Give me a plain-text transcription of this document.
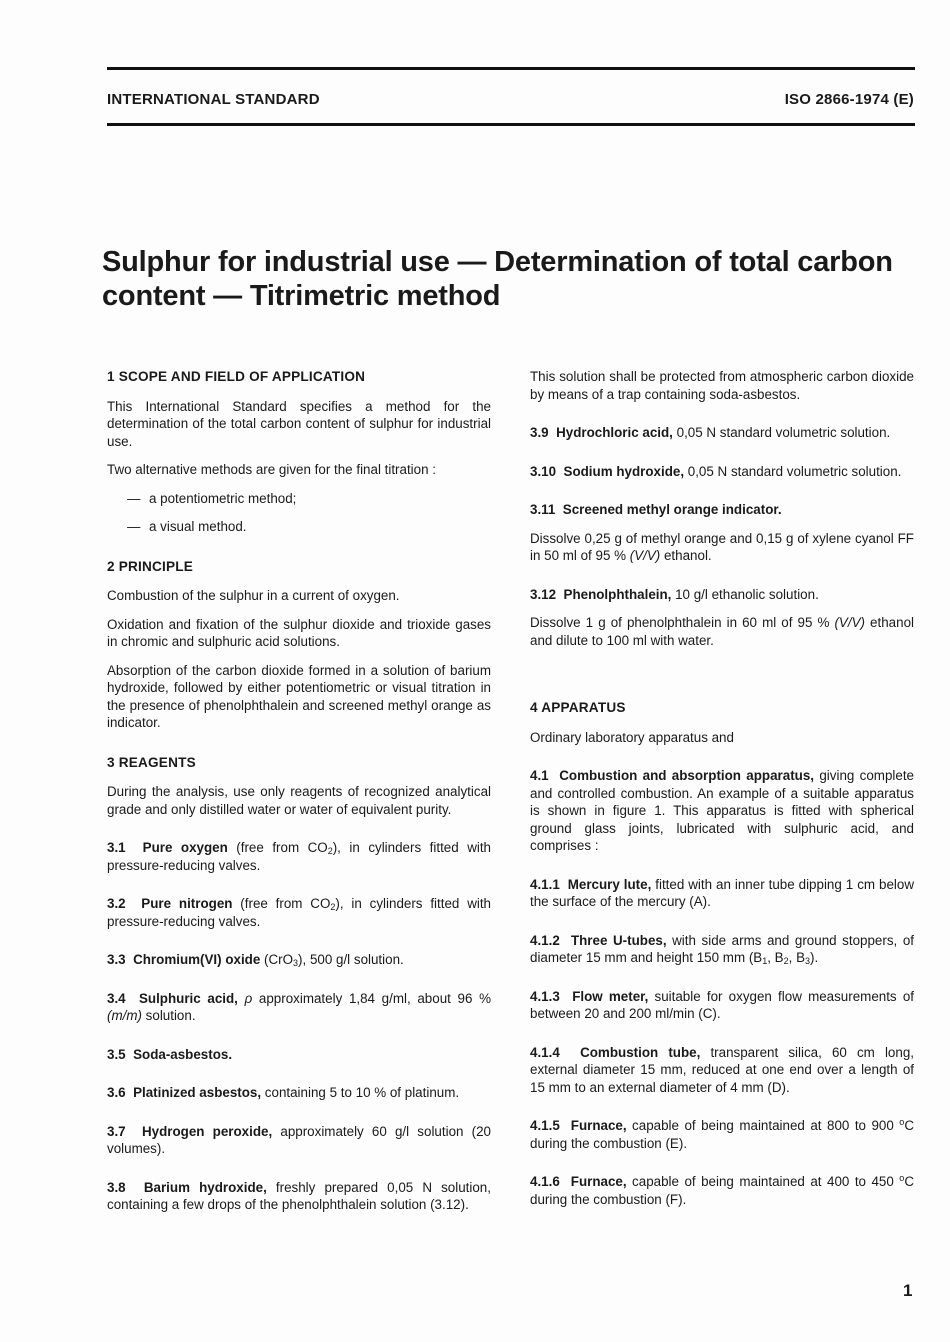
INTERNATIONAL STANDARD	ISO 2866-1974 (E)
Sulphur for industrial use — Determination of total carbon
content — Titrimetric method
1 SCOPE AND FIELD OF APPLICATION

This International Standard specifies a method for the determination of the total carbon content of sulphur for industrial use.

Two alternative methods are given for the final titration :

— a potentiometric method;
— a visual method.
2 PRINCIPLE

Combustion of the sulphur in a current of oxygen.

Oxidation and fixation of the sulphur dioxide and trioxide gases in chromic and sulphuric acid solutions.

Absorption of the carbon dioxide formed in a solution of barium hydroxide, followed by either potentiometric or visual titration in the presence of phenolphthalein and screened methyl orange as indicator.

3 REAGENTS

During the analysis, use only reagents of recognized analytical grade and only distilled water or water of equivalent purity.

3.1 Pure oxygen (free from $CO_2$), in cylinders fitted with pressure-reducing valves.

3.2 Pure nitrogen (free from $CO_2$), in cylinders fitted with pressure-reducing valves.

3.3 Chromium(VI) oxide (CrO$_3$), 500 g/l solution.

3.4 Sulphuric acid, ρ approximately 1,84 g/ml, about 96 % (m/m) solution.

3.5 Soda-asbestos.

3.6 Platinized asbestos, containing 5 to 10 % of platinum.

3.7 Hydrogen peroxide, approximately 60 g/l solution (20 volumes).

3.8 Barium hydroxide, freshly prepared 0,05 N solution, containing a few drops of the phenolphthalein solution (3.12).

This solution shall be protected from atmospheric carbon dioxide by means of a trap containing soda-asbestos.

3.9 Hydrochloric acid, 0,05 N standard volumetric solution.

3.10 Sodium hydroxide, 0,05 N standard volumetric solution.

3.11 Screened methyl orange indicator.

Dissolve 0,25 g of methyl orange and 0,15 g of xylene cyanol FF in 50 ml of 95 % (V/V) ethanol.

3.12 Phenolphthalein, 10 g/l ethanolic solution.

Dissolve 1 g of phenolphthalein in 60 ml of 95 % (V/V) ethanol and dilute to 100 ml with water.

4 APPARATUS

Ordinary laboratory apparatus and

4.1 Combustion and absorption apparatus, giving complete and controlled combustion. An example of a suitable apparatus is shown in figure 1. This apparatus is fitted with spherical ground glass joints, lubricated with sulphuric acid, and comprises :

4.1.1 Mercury lute, fitted with an inner tube dipping 1 cm below the surface of the mercury (A).

4.1.2 Three U-tubes, with side arms and ground stoppers, of diameter 15 mm and height 150 mm ($B_1$, $B_2$, $B_3$).

4.1.3 Flow meter, suitable for oxygen flow measurements of between 20 and 200 ml/min (C).

4.1.4 Combustion tube, transparent silica, 60 cm long, external diameter 15 mm, reduced at one end over a length of 15 mm to an external diameter of 4 mm (D).

4.1.5 Furnace, capable of being maintained at 800 to 900 $^o$C during the combustion (E).

4.1.6 Furnace, capable of being maintained at 400 to 450 $^o$C during the combustion (F).

1
